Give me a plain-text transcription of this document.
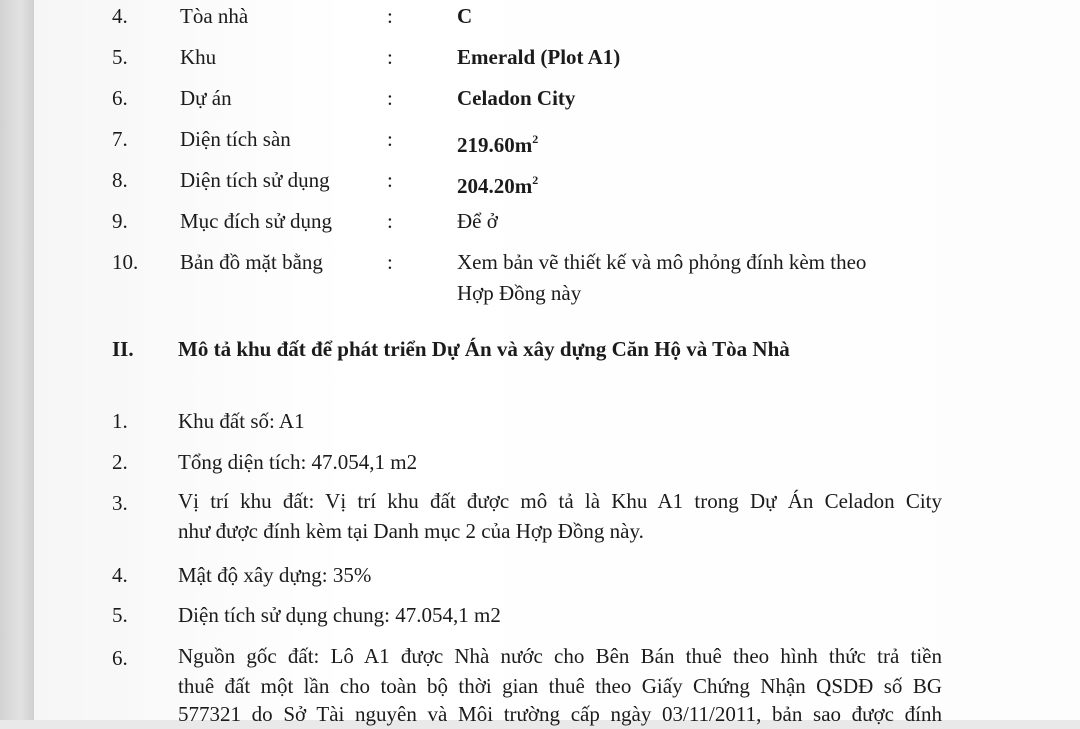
4. Tòa nhà	:	C
5. Khu	:	Emerald (Plot A1)
6. Dự án	:	Celadon City
7. Diện tích sàn	:	$219.60m^2$
8. Diện tích sử dụng	:	$204.20m^2$
9. Mục đích sử dụng	:	Để ở
10. Bản đồ mặt bằng	:	Xem bản vẽ thiết kế và mô phỏng đính kèm theo
Hợp Đồng này
II. Mô tả khu đất để phát triển Dự Án và xây dựng Căn Hộ và Tòa Nhà
1. Khu đất số: A1
2. Tổng diện tích: 47.054,1 m2
3. Vị trí khu đất: Vị trí khu đất được mô tả là Khu A1 trong Dự Án Celadon City
như được đính kèm tại Danh mục 2 của Hợp Đồng này.
4. Mật độ xây dựng: 35%
5. Diện tích sử dụng chung: 47.054,1 m2
6. Nguồn gốc đất: Lô A1 được Nhà nước cho Bên Bán thuê theo hình thức trả tiền
thuê đất một lần cho toàn bộ thời gian thuê theo Giấy Chứng Nhận QSDĐ số BG
577321 do Sở Tài nguyên và Môi trường cấp ngày 03/11/2011, bản sao được đính
